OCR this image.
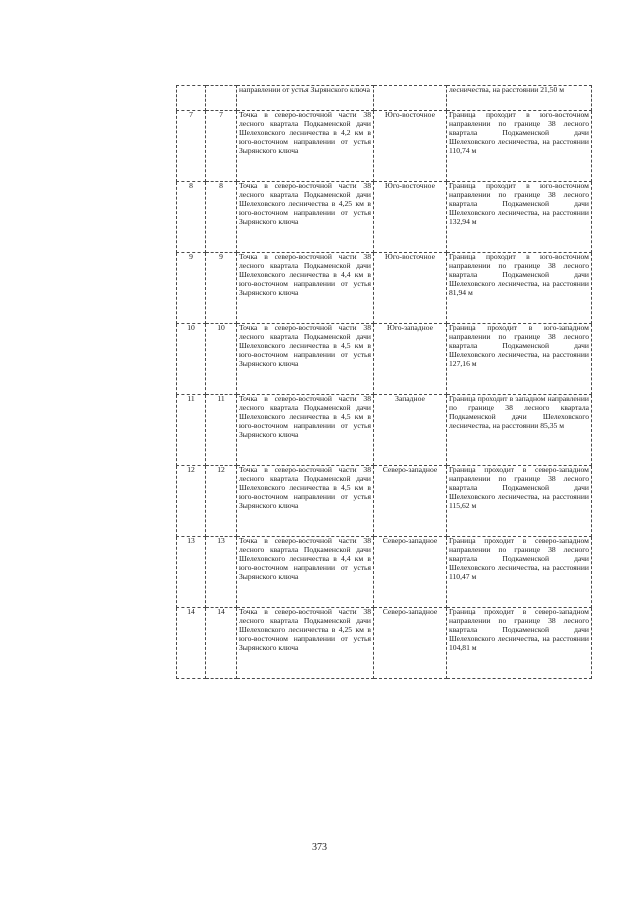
		направлении от устья Зырянского ключа		лесничества, на расстоянии 21,50 м
7	7	Точка в северо-восточной части 38 лесного квартала Подкаменской дачи Шелеховского лесничества в 4,2 км в юго-восточном направлении от устья Зырянского ключа	Юго-восточное	Граница проходит в юго-восточном направлении по границе 38 лесного квартала Подкаменской дачи Шелеховского лесничества, на расстоянии 110,74 м
8	8	Точка в северо-восточной части 38 лесного квартала Подкаменской дачи Шелеховского лесничества в 4,25 км в юго-восточном направлении от устья Зырянского ключа	Юго-восточное	Граница проходит в юго-восточном направлении по границе 38 лесного квартала Подкаменской дачи Шелеховского лесничества, на расстоянии 132,94 м
9	9	Точка в северо-восточной части 38 лесного квартала Подкаменской дачи Шелеховского лесничества в 4,4 км в юго-восточном направлении от устья Зырянского ключа	Юго-восточное	Граница проходит в юго-восточном направлении по границе 38 лесного квартала Подкаменской дачи Шелеховского лесничества, на расстоянии 81,94 м
10	10	Точка в северо-восточной части 38 лесного квартала Подкаменской дачи Шелеховского лесничества в 4,5 км в юго-восточном направлении от устья Зырянского ключа	Юго-западное	Граница проходит в юго-западном направлении по границе 38 лесного квартала Подкаменской дачи Шелеховского лесничества, на расстоянии 127,16 м
11	11	Точка в северо-восточной части 38 лесного квартала Подкаменской дачи Шелеховского лесничества в 4,5 км в юго-восточном направлении от устья Зырянского ключа	Западное	Граница проходит в западном направлении по границе 38 лесного квартала Подкаменской дачи Шелеховского лесничества, на расстоянии 85,35 м
12	12	Точка в северо-восточной части 38 лесного квартала Подкаменской дачи Шелеховского лесничества в 4,5 км в юго-восточном направлении от устья Зырянского ключа	Северо-западное	Граница проходит в северо-западном направлении по границе 38 лесного квартала Подкаменской дачи Шелеховского лесничества, на расстоянии 115,62 м
13	13	Точка в северо-восточной части 38 лесного квартала Подкаменской дачи Шелеховского лесничества в 4,4 км в юго-восточном направлении от устья Зырянского ключа	Северо-западное	Граница проходит в северо-западном направлении по границе 38 лесного квартала Подкаменской дачи Шелеховского лесничества, на расстоянии 110,47 м
14	14	Точка в северо-восточной части 38 лесного квартала Подкаменской дачи Шелеховского лесничества в 4,25 км в юго-восточном направлении от устья Зырянского ключа	Северо-западное	Граница проходит в северо-западном направлении по границе 38 лесного квартала Подкаменской дачи Шелеховского лесничества, на расстоянии 104,81 м
373
